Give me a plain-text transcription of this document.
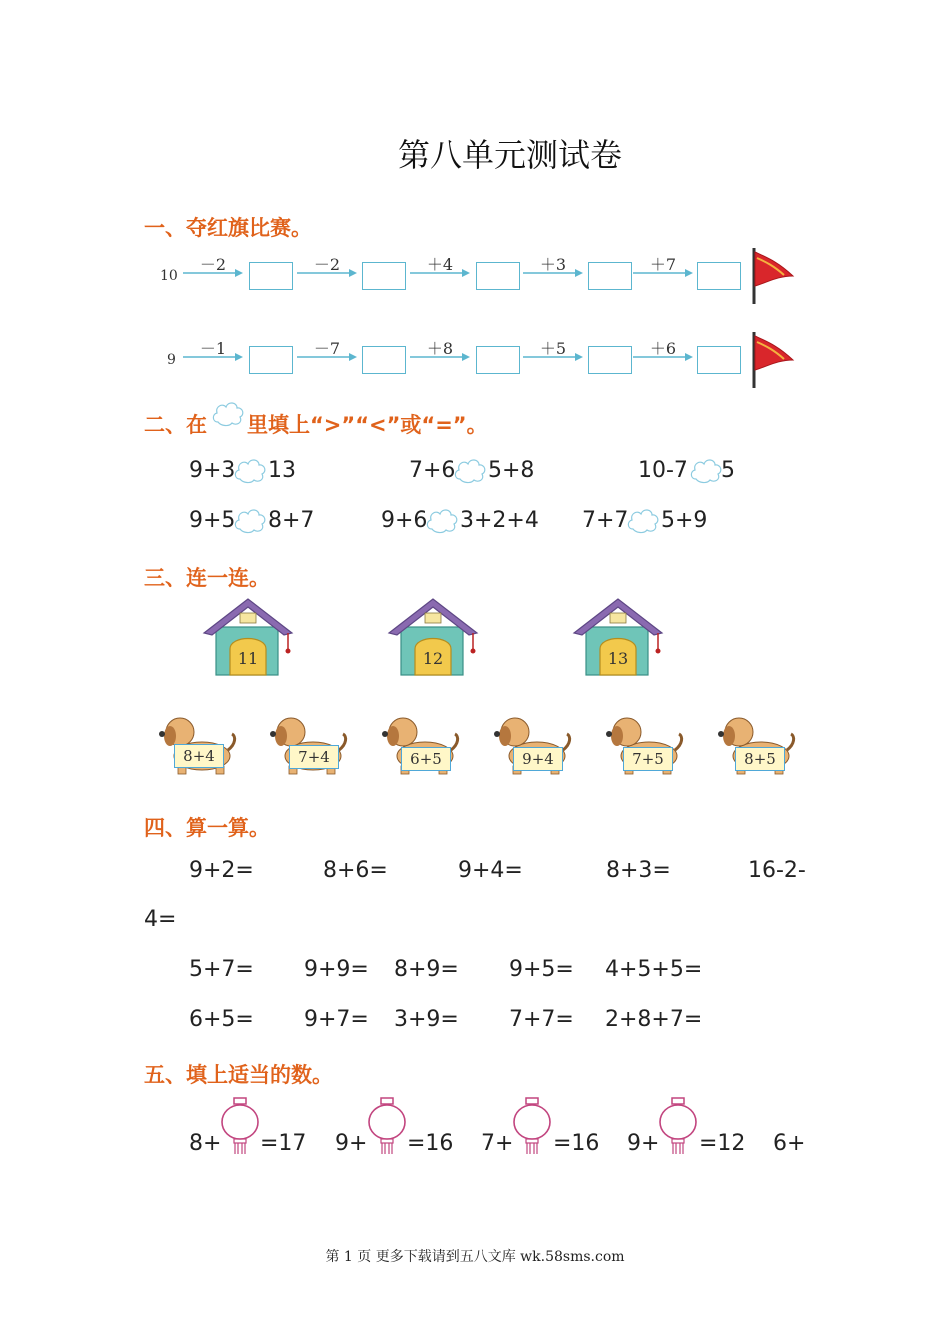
第八单元测试卷
一、夺红旗比赛。
10
－2	－2	＋4	＋3	＋7
9
－1	－7	＋8	＋5	＋6
二、在 里填上“>”“<”或“=”。
9+3 13	7+6 5+8	10-7 5
9+5 8+7	9+6 3+2+4 7+7 5+9
三、连一连。
11	12	13
8+4	7+4	6+5	9+4	7+5	8+5
四、算一算。
9+2=	8+6=	9+4=	8+3=	16-2-
4=
5+7= 9+9= 8+9= 9+5= 4+5+5=
6+5= 9+7= 3+9= 7+7= 2+8+7=
五、填上适当的数。
8+ =17 9+ =16 7+ =16 9+ =12 6+
第 1 页 更多下载请到五八文库 wk.58sms.com
